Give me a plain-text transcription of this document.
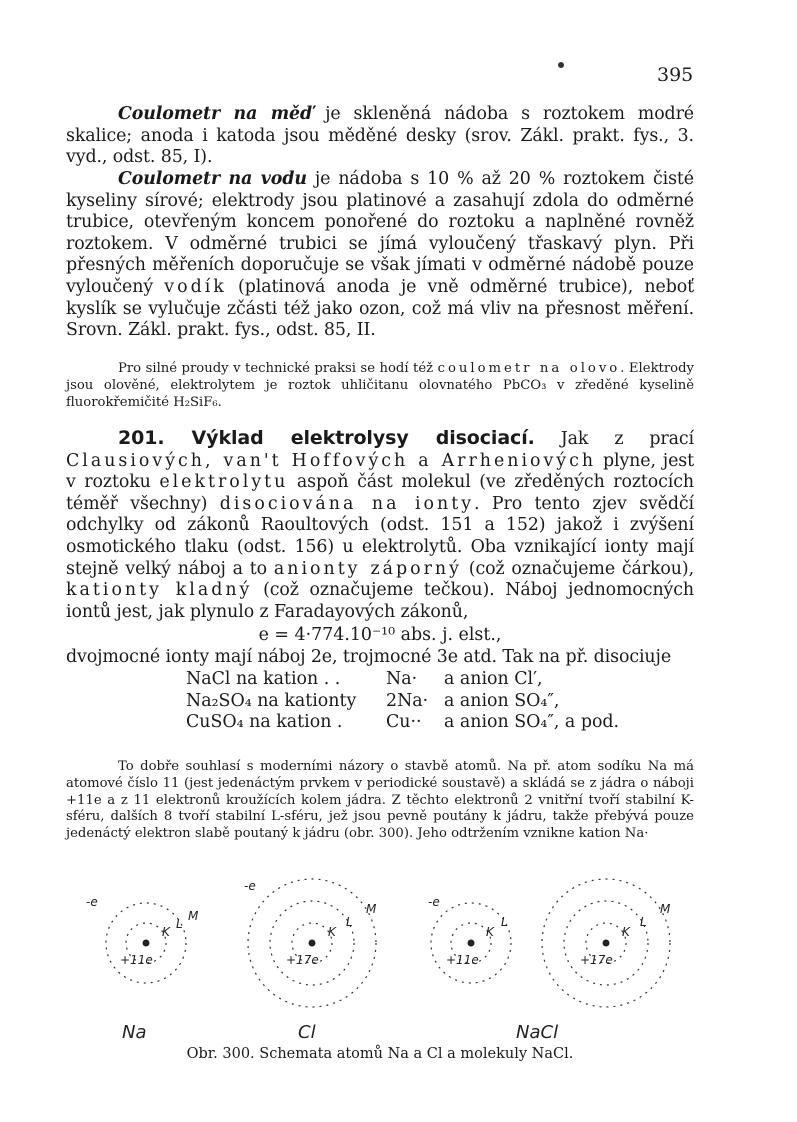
395

Coulometr na měď je skleněná nádoba s roztokem modré skalice; anoda i katoda jsou měděné desky (srov. Zákl. prakt. fys., 3. vyd., odst. 85, I).

Coulometr na vodu je nádoba s 10 % až 20 % roztokem čisté kyseliny sírové; elektrody jsou platinové a zasahují zdola do odměrné trubice, otevřeným koncem ponořené do roztoku a naplněné rovněž roztokem. V odměrné trubici se jímá vyloučený třaskavý plyn. Při přesných měřeních doporučuje se však jímati v odměrné nádobě pouze vyloučený vodík (platinová anoda je vně odměrné trubice), neboť kyslík se vylučuje zčásti též jako ozon, což má vliv na přesnost měření. Srovn. Zákl. prakt. fys., odst. 85, II.

Pro silné proudy v technické praksi se hodí též coulometr na olovo. Elektrody jsou olověné, elektrolytem je roztok uhličitanu olovnatého PbCO₃ v zředěné kyselině fluorokřemičité H₂SiF₆.

201. Výklad elektrolysy disociací. Jak z prací Clausiových, van't Hoffových a Arrheniových plyne, jest v roztoku elektrolytu aspoň část molekul (ve zředěných roztocích téměř všechny) disociována na ionty. Pro tento zjev svědčí odchylky od zákonů Raoultových (odst. 151 a 152) jakož i zvýšení osmotického tlaku (odst. 156) u elektrolytů. Oba vznikající ionty mají stejně velký náboj a to anionty záporný (což označujeme čárkou), kationty kladný (což označujeme tečkou). Náboj jednomocných iontů jest, jak plynulo z Faradayových zákonů,

e = 4·774.10⁻¹⁰ abs. j. elst.,

dvojmocné ionty mají náboj 2e, trojmocné 3e atd. Tak na př. disociuje

NaCl na kation . .	Na·	a anion Cl′,
Na₂SO₄ na kationty	2Na· a anion SO₄″,
CuSO₄ na kation .	Cu··	a anion SO₄″, a pod.

To dobře souhlasí s moderními názory o stavbě atomů. Na př. atom sodíku Na má atomové číslo 11 (jest jedenáctým prvkem v periodické soustavě) a skládá se z jádra o náboji +11e a z 11 elektronů kroužících kolem jádra. Z těchto elektronů 2 vnitřní tvoří stabilní K-sféru, dalších 8 tvoří stabilní L-sféru, jež jsou pevně poutány k jádru, takže přebývá pouze jedenáctý elektron slabě poutaný k jádru (obr. 300). Jeho odtržením vznikne kation Na·

+11e
K
L
M
-e
+17e
K
L
M
-e
+11e
K
L
-e
+17e
K
L
M
Na	Cl	NaCl
Obr. 300. Schemata atomů Na a Cl a molekuly NaCl.
